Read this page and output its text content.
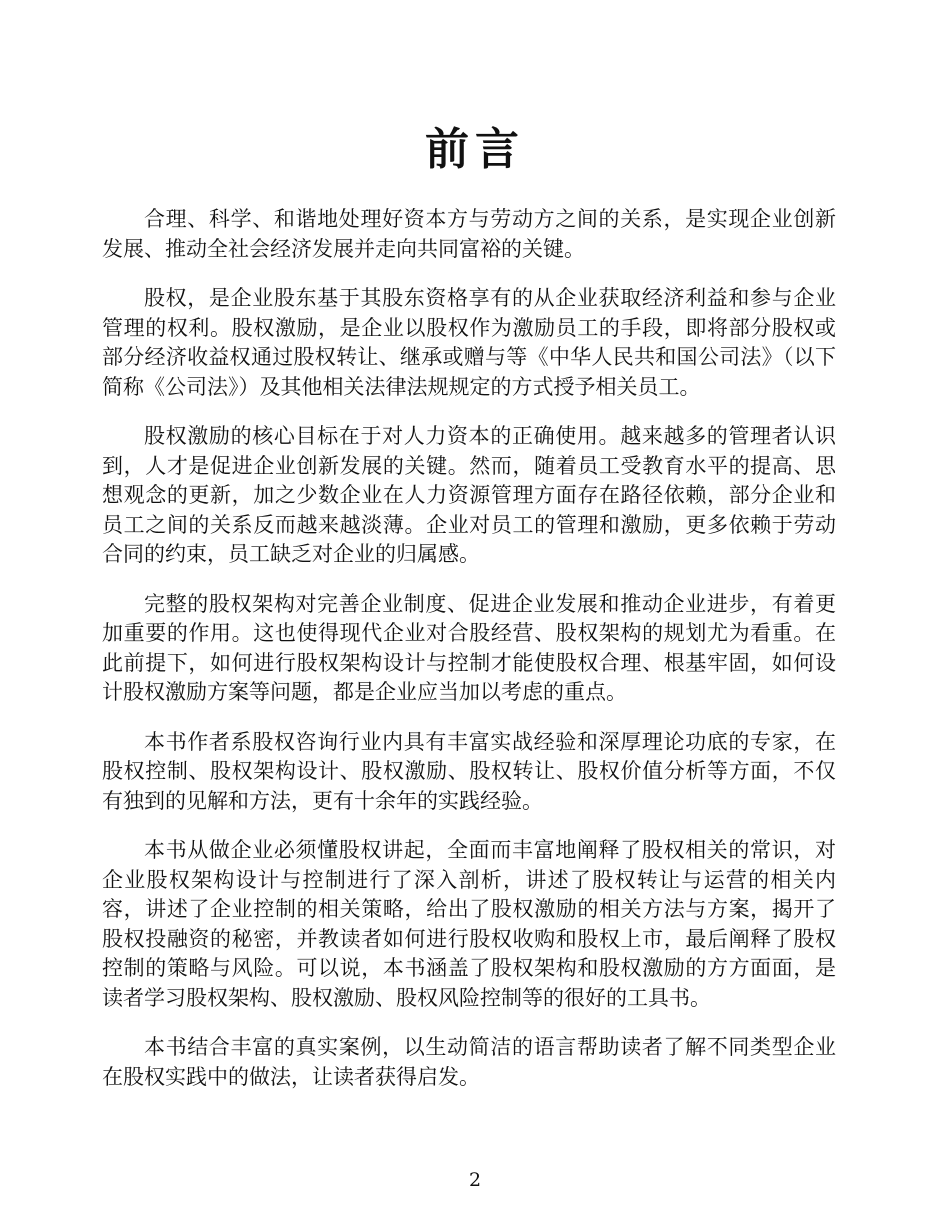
前言

合理、科学、和谐地处理好资本方与劳动方之间的关系，是实现企业创新发展、推动全社会经济发展并走向共同富裕的关键。

股权，是企业股东基于其股东资格享有的从企业获取经济利益和参与企业管理的权利。股权激励，是企业以股权作为激励员工的手段，即将部分股权或部分经济收益权通过股权转让、继承或赠与等《中华人民共和国公司法》（以下简称《公司法》）及其他相关法律法规规定的方式授予相关员工。

股权激励的核心目标在于对人力资本的正确使用。越来越多的管理者认识到，人才是促进企业创新发展的关键。然而，随着员工受教育水平的提高、思想观念的更新，加之少数企业在人力资源管理方面存在路径依赖，部分企业和员工之间的关系反而越来越淡薄。企业对员工的管理和激励，更多依赖于劳动合同的约束，员工缺乏对企业的归属感。

完整的股权架构对完善企业制度、促进企业发展和推动企业进步，有着更加重要的作用。这也使得现代企业对合股经营、股权架构的规划尤为看重。在此前提下，如何进行股权架构设计与控制才能使股权合理、根基牢固，如何设计股权激励方案等问题，都是企业应当加以考虑的重点。

本书作者系股权咨询行业内具有丰富实战经验和深厚理论功底的专家，在股权控制、股权架构设计、股权激励、股权转让、股权价值分析等方面，不仅有独到的见解和方法，更有十余年的实践经验。

本书从做企业必须懂股权讲起，全面而丰富地阐释了股权相关的常识，对企业股权架构设计与控制进行了深入剖析，讲述了股权转让与运营的相关内容，讲述了企业控制的相关策略，给出了股权激励的相关方法与方案，揭开了股权投融资的秘密，并教读者如何进行股权收购和股权上市，最后阐释了股权控制的策略与风险。可以说，本书涵盖了股权架构和股权激励的方方面面，是读者学习股权架构、股权激励、股权风险控制等的很好的工具书。

本书结合丰富的真实案例，以生动简洁的语言帮助读者了解不同类型企业在股权实践中的做法，让读者获得启发。

2
